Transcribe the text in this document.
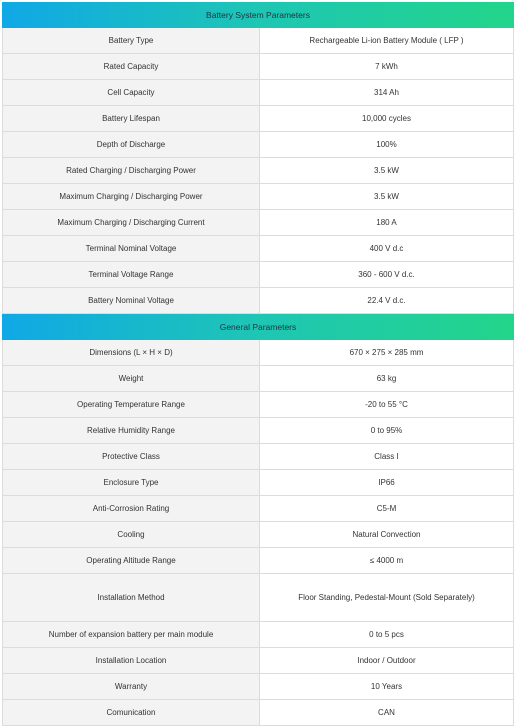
Battery System Parameters
Battery Type	Rechargeable Li-ion Battery Module ( LFP )
Rated Capacity	7 kWh
Cell Capacity	314 Ah
Battery Lifespan	10,000 cycles
Depth of Discharge	100%
Rated Charging / Discharging Power	3.5 kW
Maximum Charging / Discharging Power	3.5 kW
Maximum Charging / Discharging Current	180 A
Terminal Nominal Voltage	400 V d.c
Terminal Voltage Range	360 - 600 V d.c.
Battery Nominal Voltage	22.4 V d.c.
General Parameters
Dimensions (L × H × D)	670 × 275 × 285 mm
Weight	63 kg
Operating Temperature Range	-20 to 55 °C
Relative Humidity Range	0 to 95%
Protective Class	Class I
Enclosure Type	IP66
Anti-Corrosion Rating	C5-M
Cooling	Natural Convection
Operating Altitude Range	≤ 4000 m
Installation Method	Floor Standing, Pedestal-Mount (Sold Separately)
Number of expansion battery per main module	0 to 5 pcs
Installation Location	Indoor / Outdoor
Warranty	10 Years
Comunication	CAN
